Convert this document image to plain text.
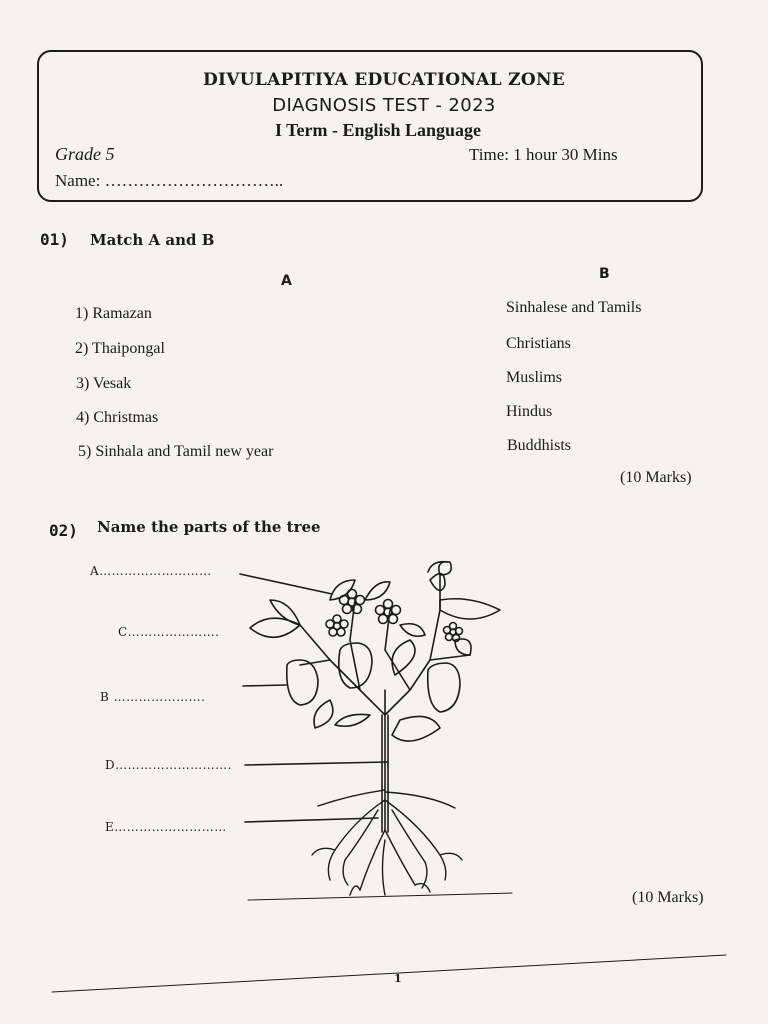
DIVULAPITIYA EDUCATIONAL ZONE
DIAGNOSIS TEST - 2023
I Term - English Language
Grade 5	Time: 1 hour 30 Mins
Name: …………………………..
01) Match A and B
A	B
1) Ramazan
2) Thaipongal
3) Vesak
4) Christmas
5) Sinhala and Tamil new year
Sinhalese and Tamils
Christians
Muslims
Hindus
Buddhists
(10 Marks)
02) Name the parts of the tree
A………………………
C………………….
B ………………….
D……………………….
E………………………
(10 Marks)
1
